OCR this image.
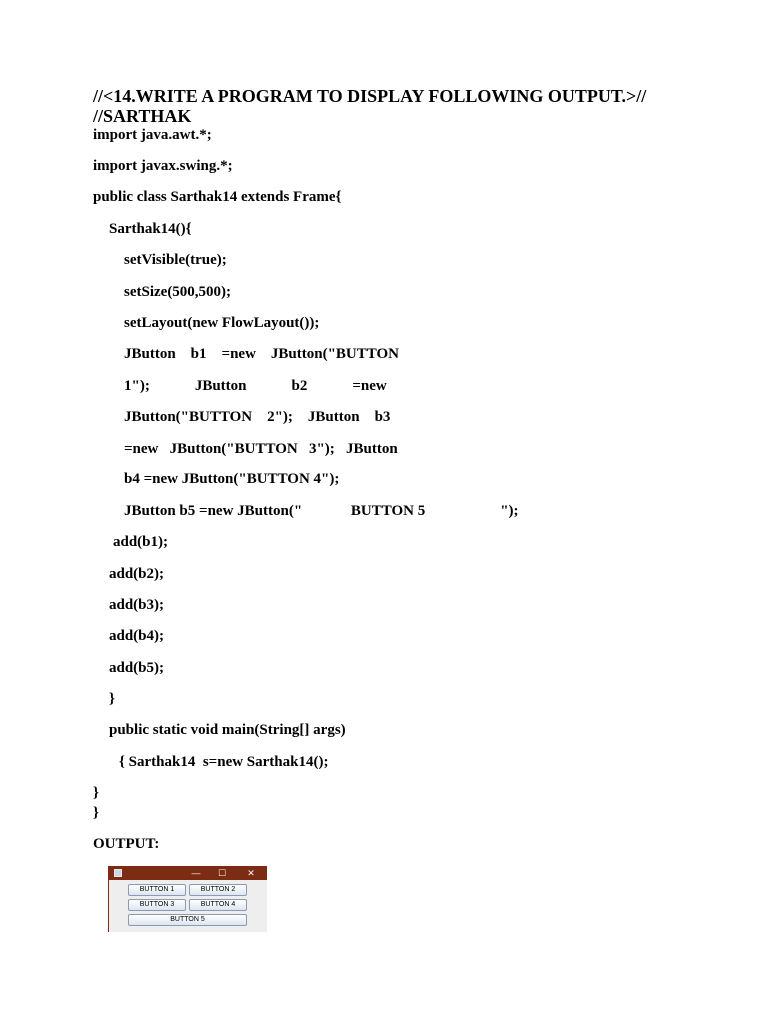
//<14.WRITE A PROGRAM TO DISPLAY FOLLOWING OUTPUT.>//
//SARTHAK
import java.awt.*;
import javax.swing.*;
public class Sarthak14 extends Frame{
Sarthak14(){
setVisible(true);
setSize(500,500);
setLayout(new FlowLayout());
JButton    b1    =new    JButton("BUTTON
1");            JButton            b2            =new
JButton("BUTTON    2");    JButton    b3
=new   JButton("BUTTON   3");   JButton
b4 =new JButton("BUTTON 4");
JButton b5 =new JButton("             BUTTON 5                    ");
add(b1);
add(b2);
add(b3);
add(b4);
add(b5);
}
public static void main(String[] args)
{ Sarthak14  s=new Sarthak14();
}
}
OUTPUT:
—	☐	✕
BUTTON 1	BUTTON 2
BUTTON 3	BUTTON 4
BUTTON 5
